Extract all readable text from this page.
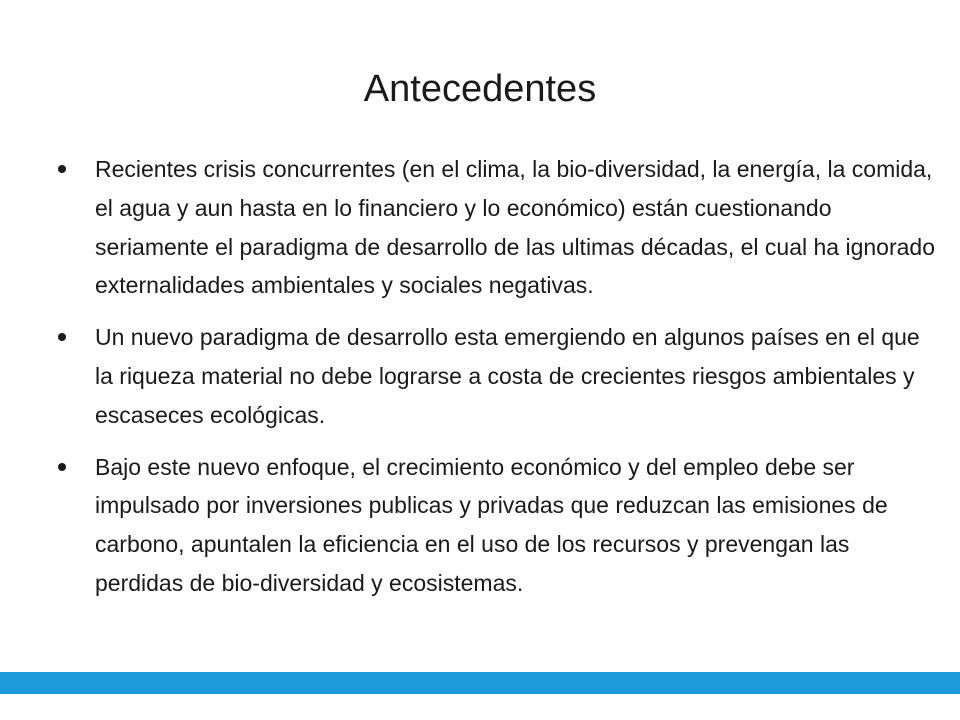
Antecedentes
Recientes crisis concurrentes (en el clima, la bio-diversidad, la energía, la comida, el agua y aun hasta en lo financiero y lo económico) están cuestionando seriamente el paradigma de desarrollo de las ultimas décadas, el cual ha ignorado externalidades ambientales y sociales negativas.
Un nuevo paradigma de desarrollo esta emergiendo en algunos países en el que la riqueza material no debe lograrse a costa de crecientes riesgos ambientales y escaseces ecológicas.
Bajo este nuevo enfoque, el crecimiento económico y del empleo debe ser impulsado por inversiones publicas y privadas que reduzcan las emisiones de carbono, apuntalen la eficiencia en el uso de los recursos y prevengan las perdidas de bio-diversidad y ecosistemas.
